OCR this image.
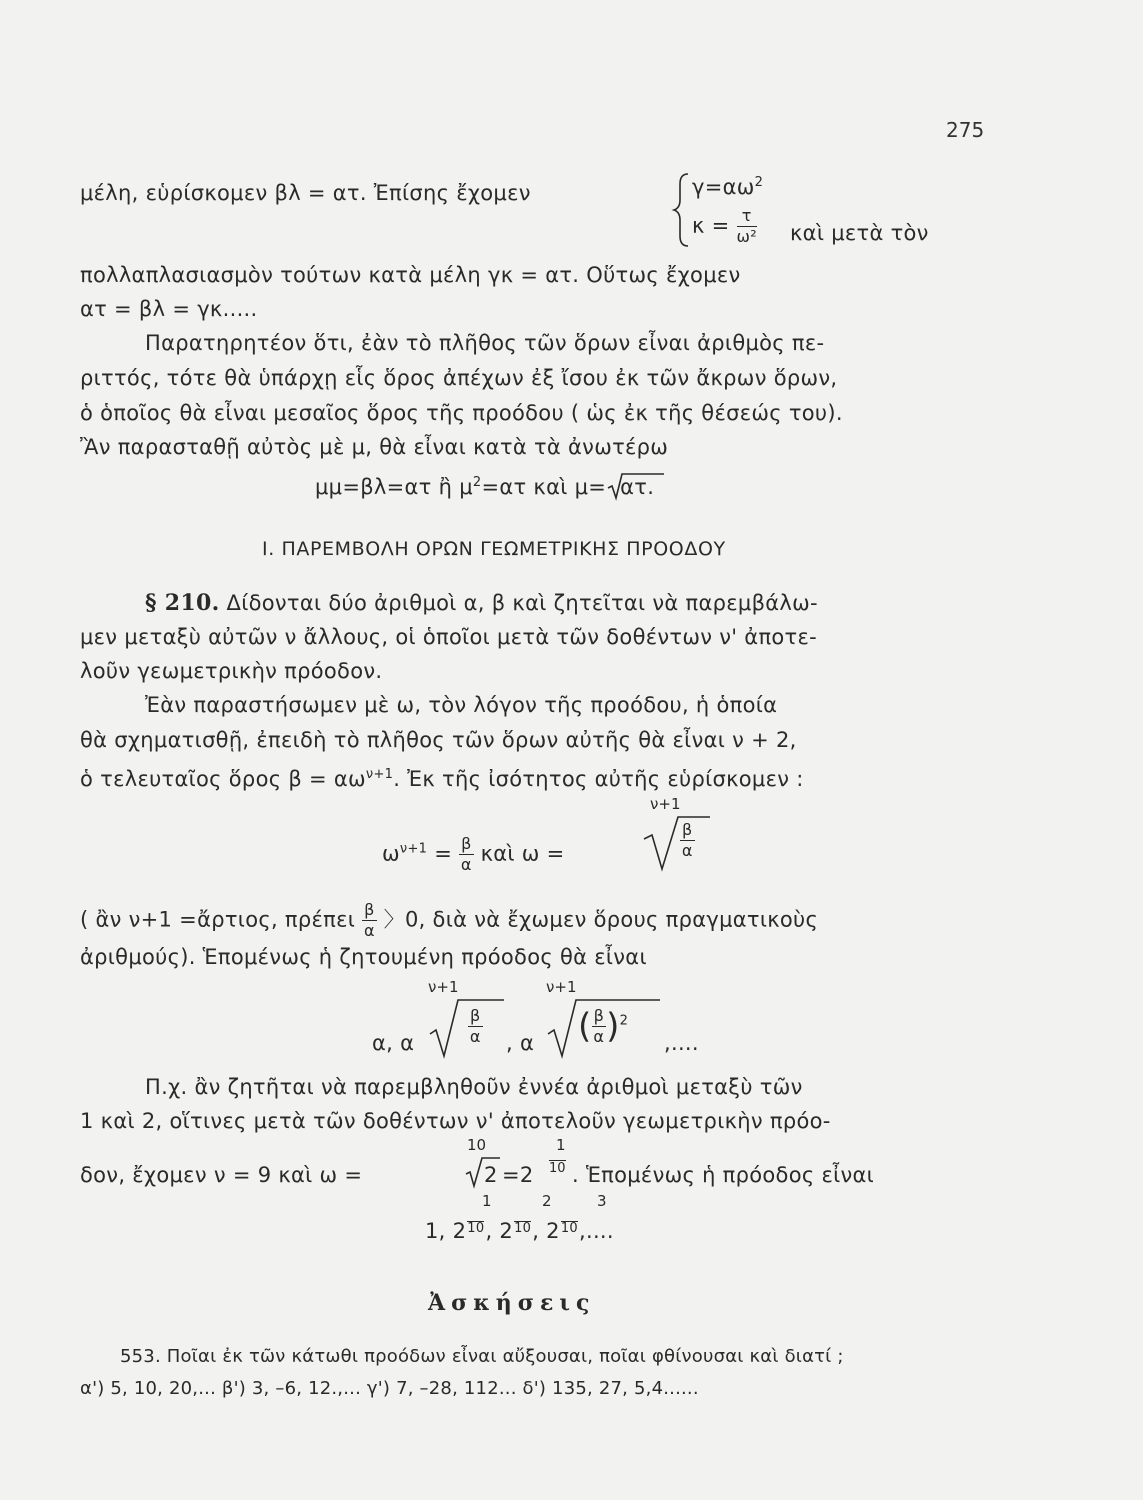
275
μέλη, εὑρίσκομεν βλ = ατ. Ἐπίσης ἔχομεν	$\gamma=\alpha\omega^2$
$\kappa = \frac{\tau}{\text{ω²}}$ καὶ μετὰ τὸν
πολλαπλασιασμὸν τούτων κατὰ μέλη γκ = ατ. Οὕτως ἔχομεν
ατ = βλ = γκ.....
Παρατηρητέον ὅτι, ἐὰν τὸ πλῆθος τῶν ὅρων εἶναι ἀριθμὸς πε-
ριττός, τότε θὰ ὑπάρχῃ εἷς ὅρος ἀπέχων ἐξ ἴσου ἐκ τῶν ἄκρων ὅρων,
ὁ ὁποῖος θὰ εἶναι μεσαῖος ὅρος τῆς προόδου ( ὡς ἐκ τῆς θέσεώς του).
Ἂν παρασταθῇ αὐτὸς μὲ μ, θὰ εἶναι κατὰ τὰ ἀνωτέρω
μμ=βλ=ατ ἢ $\mu^2=\alpha\tau$ καὶ μ= ατ.
Ι. ΠΑΡΕΜΒΟΛΗ ΟΡΩΝ ΓΕΩΜΕΤΡΙΚΗΣ ΠΡΟΟΔΟΥ
§ 210. Δίδονται δύο ἀριθμοὶ α, β καὶ ζητεῖται νὰ παρεμβάλω-
μεν μεταξὺ αὐτῶν ν ἄλλους, οἱ ὁποῖοι μετὰ τῶν δοθέντων ν' ἀποτε-
λοῦν γεωμετρικὴν πρόοδον.
Ἐὰν παραστήσωμεν μὲ ω, τὸν λόγον τῆς προόδου, ἡ ὁποία
θὰ σχηματισθῇ, ἐπειδὴ τὸ πλῆθος τῶν ὅρων αὐτῆς θὰ εἶναι ν + 2,
ὁ τελευταῖος ὅρος $\beta = \alpha\omega^{\nu+1}$. Ἐκ τῆς ἰσότητος αὐτῆς εὑρίσκομεν :
ν+1
$\omega^{\nu+1} = \frac{\beta}{\alpha}$ καὶ ω =	$\frac{\beta}{\alpha}$
( ἂν ν+1 =ἄρτιος, πρέπει $\frac{\beta}{\alpha}$ 〉0, διὰ νὰ ἔχωμεν ὅρους πραγματικοὺς
ἀριθμούς). Ἑπομένως ἡ ζητουμένη πρόοδος θὰ εἶναι
ν+1	ν+1
α, α	$\frac{\beta}{\alpha}$ , α ( $\frac{\beta}{\alpha} )^2$
,....
Π.χ. ἂν ζητῆται νὰ παρεμβληθοῦν ἐννέα ἀριθμοὶ μεταξὺ τῶν
1 καὶ 2, οἵτινες μετὰ τῶν δοθέντων ν' ἀποτελοῦν γεωμετρικὴν πρόο-
10	1
δον, ἔχομεν ν = 9 καὶ ω =	2 =2 10 . Ἑπομένως ἡ πρόοδος εἶναι
1	2	3
1, 210, 210, 210,....
Ἀσκήσεις
553. Ποῖαι ἐκ τῶν κάτωθι προόδων εἶναι αὔξουσαι, ποῖαι φθίνουσαι καὶ διατί ;
α') 5, 10, 20,... β') 3, –6, 12.,... γ') 7, –28, 112... δ') 135, 27, 5,4......
